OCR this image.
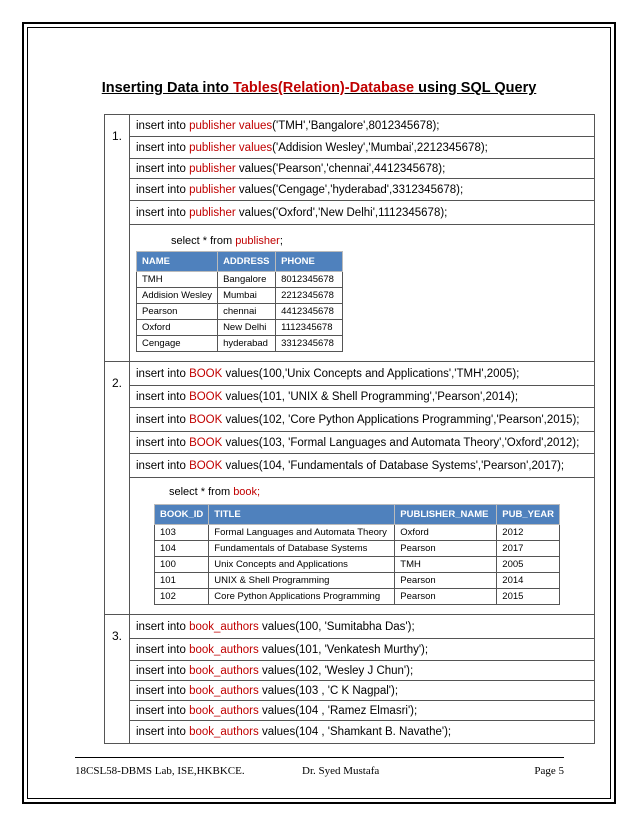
Inserting Data into Tables(Relation)-Database using SQL Query
1.
insert into publisher values('TMH','Bangalore',8012345678);
insert into publisher values('Addision Wesley','Mumbai',2212345678);
insert into publisher values('Pearson','chennai',4412345678);
insert into publisher values('Cengage','hyderabad',3312345678);
insert into publisher values('Oxford','New Delhi',1112345678);
select * from publisher;
NAME	ADDRESS	PHONE
TMH	Bangalore	8012345678
Addision Wesley	Mumbai	2212345678
Pearson	chennai	4412345678
Oxford	New Delhi	1112345678
Cengage	hyderabad	3312345678
2.
insert into BOOK values(100,'Unix Concepts and Applications','TMH',2005);
insert into BOOK values(101, 'UNIX & Shell Programming','Pearson',2014);
insert into BOOK values(102, 'Core Python Applications Programming','Pearson',2015);
insert into BOOK values(103, 'Formal Languages and Automata Theory','Oxford',2012);
insert into BOOK values(104, 'Fundamentals of Database Systems','Pearson',2017);
select * from book;
BOOK_ID	TITLE	PUBLISHER_NAME	PUB_YEAR
103	Formal Languages and Automata Theory	Oxford	2012
104	Fundamentals of Database Systems	Pearson	2017
100	Unix Concepts and Applications	TMH	2005
101	UNIX & Shell Programming	Pearson	2014
102	Core Python Applications Programming	Pearson	2015
3.
insert into book_authors values(100, 'Sumitabha Das');
insert into book_authors values(101, 'Venkatesh Murthy');
insert into book_authors values(102, 'Wesley J Chun');
insert into book_authors values(103 , 'C K Nagpal');
insert into book_authors values(104 , 'Ramez Elmasri');
insert into book_authors values(104 , 'Shamkant B. Navathe');
18CSL58-DBMS Lab, ISE,HKBKCE.	Dr. Syed Mustafa	Page 5
